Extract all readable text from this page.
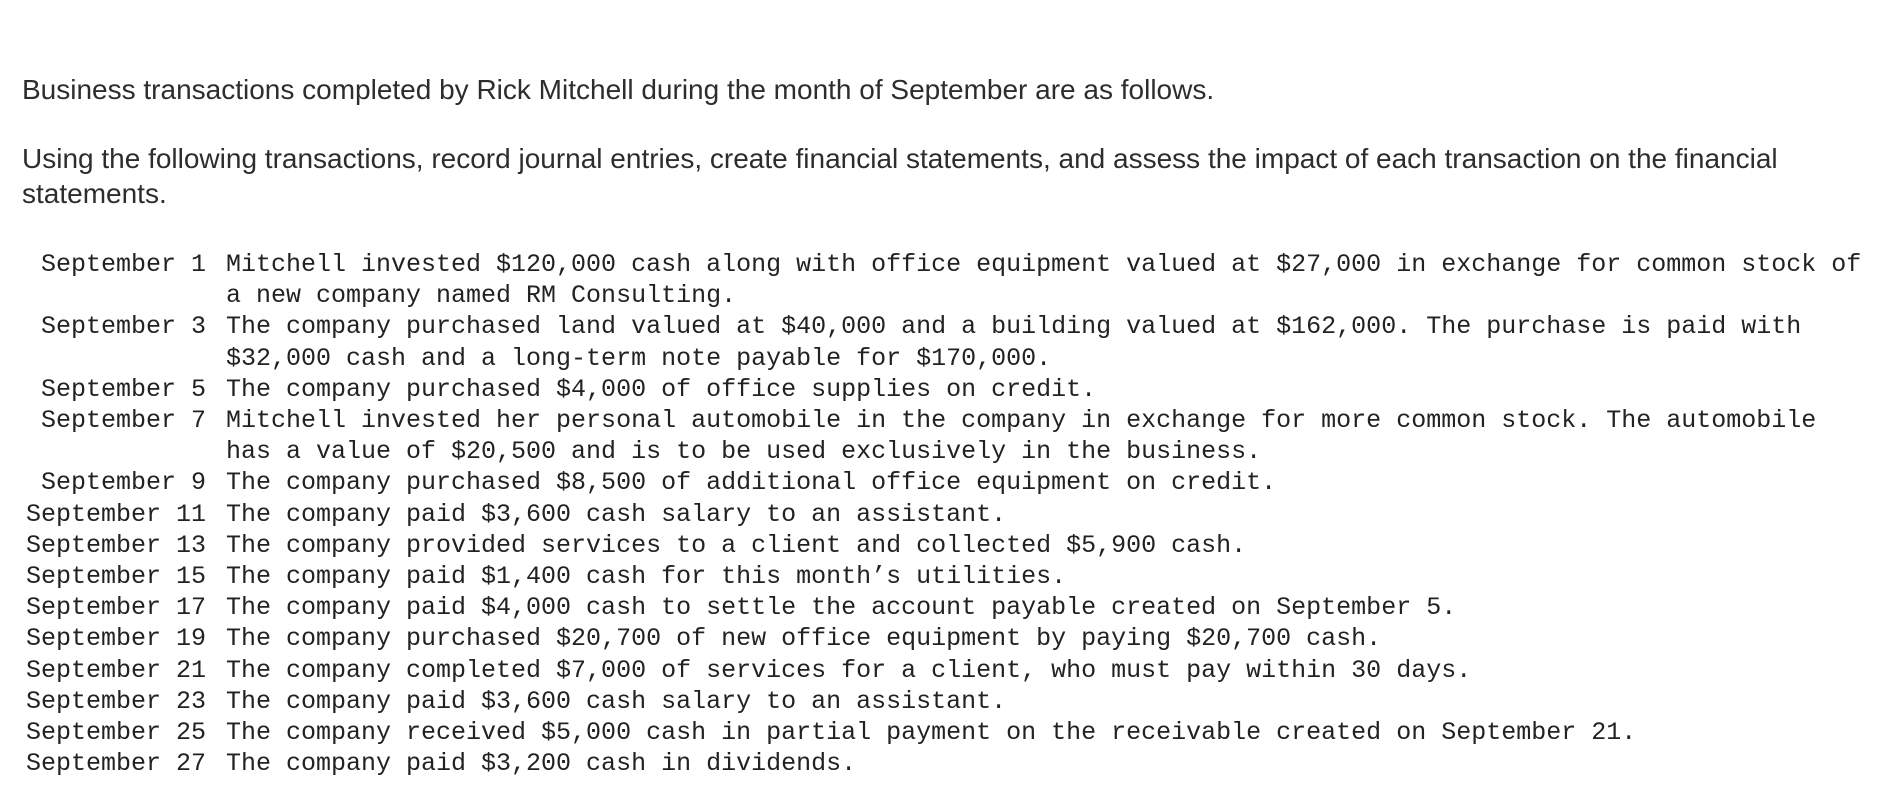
Business transactions completed by Rick Mitchell during the month of September are as follows.

Using the following transactions, record journal entries, create financial statements, and assess the impact of each transaction on the financial statements.

September 1	Mitchell invested $120,000 cash along with office equipment valued at $27,000 in exchange for common stock of a new company named RM Consulting.
September 3	The company purchased land valued at $40,000 and a building valued at $162,000. The purchase is paid with $32,000 cash and a long-term note payable for $170,000.
September 5	The company purchased $4,000 of office supplies on credit.
September 7	Mitchell invested her personal automobile in the company in exchange for more common stock. The automobile has a value of $20,500 and is to be used exclusively in the business.
September 9	The company purchased $8,500 of additional office equipment on credit.
September 11	The company paid $3,600 cash salary to an assistant.
September 13	The company provided services to a client and collected $5,900 cash.
September 15	The company paid $1,400 cash for this month’s utilities.
September 17	The company paid $4,000 cash to settle the account payable created on September 5.
September 19	The company purchased $20,700 of new office equipment by paying $20,700 cash.
September 21	The company completed $7,000 of services for a client, who must pay within 30 days.
September 23	The company paid $3,600 cash salary to an assistant.
September 25	The company received $5,000 cash in partial payment on the receivable created on September 21.
September 27	The company paid $3,200 cash in dividends.
